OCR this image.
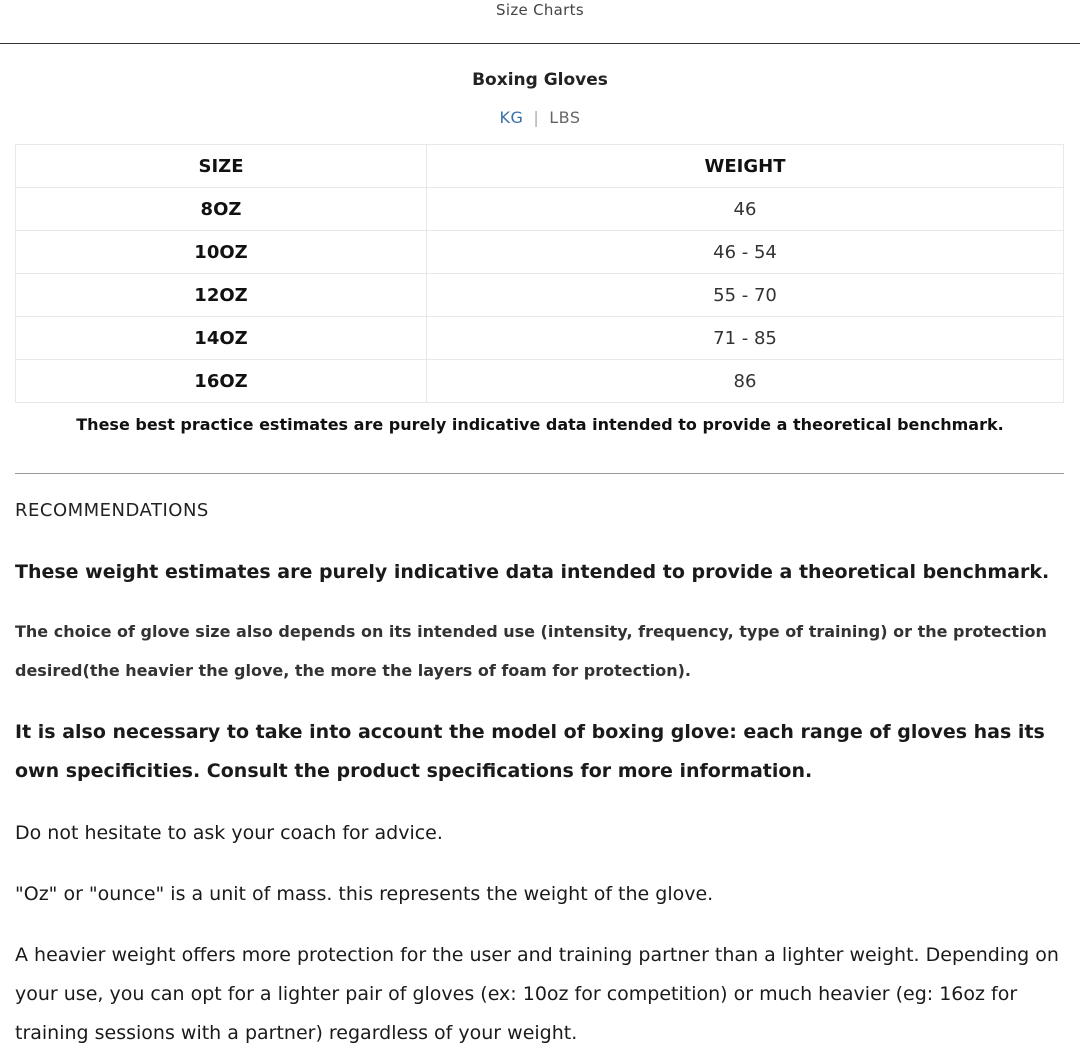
Size Charts
Boxing Gloves
KG | LBS
SIZE	WEIGHT
8OZ	46
10OZ	46 - 54
12OZ	55 - 70
14OZ	71 - 85
16OZ	86
These best practice estimates are purely indicative data intended to provide a theoretical benchmark.
RECOMMENDATIONS
These weight estimates are purely indicative data intended to provide a theoretical benchmark.
The choice of glove size also depends on its intended use (intensity, frequency, type of training) or the protection desired(the heavier the glove, the more the layers of foam for protection).
It is also necessary to take into account the model of boxing glove: each range of gloves has its own specificities. Consult the product specifications for more information.
Do not hesitate to ask your coach for advice.
"Oz" or "ounce" is a unit of mass. this represents the weight of the glove.
A heavier weight offers more protection for the user and training partner than a lighter weight. Depending on your use, you can opt for a lighter pair of gloves (ex: 10oz for competition) or much heavier (eg: 16oz for training sessions with a partner) regardless of your weight.
